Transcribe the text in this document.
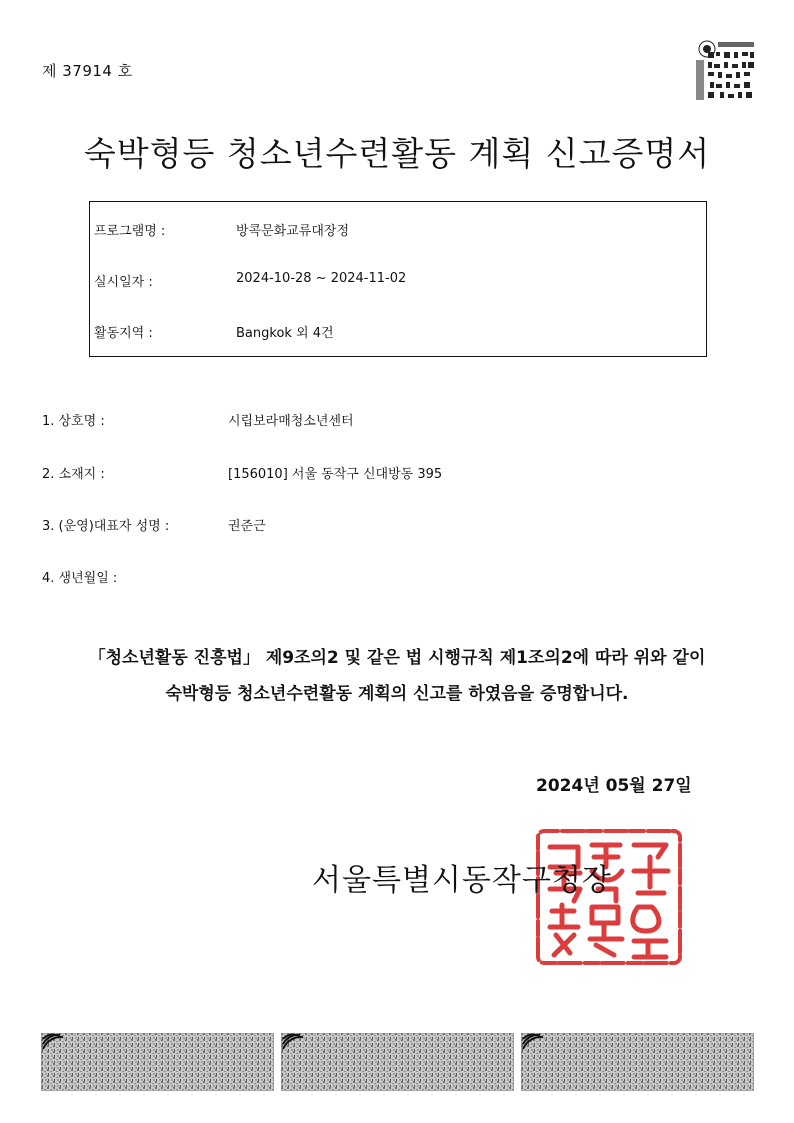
제 37914 호
숙박형등 청소년수련활동 계획 신고증명서
프로그램명 :	방콕문화교류대장정
실시일자 :	2024-10-28 ~ 2024-11-02
활동지역 :	Bangkok 외 4건
1. 상호명 :	시립보라매청소년센터
2. 소재지 :	[156010] 서울 동작구 신대방동 395
3. (운영)대표자 성명 :	권준근
4. 생년월일 :
「청소년활동 진흥법」 제9조의2 및 같은 법 시행규칙 제1조의2에 따라 위와 같이
숙박형등 청소년수련활동 계획의 신고를 하였음을 증명합니다.
2024년 05월 27일
서울특별시동작구청장
